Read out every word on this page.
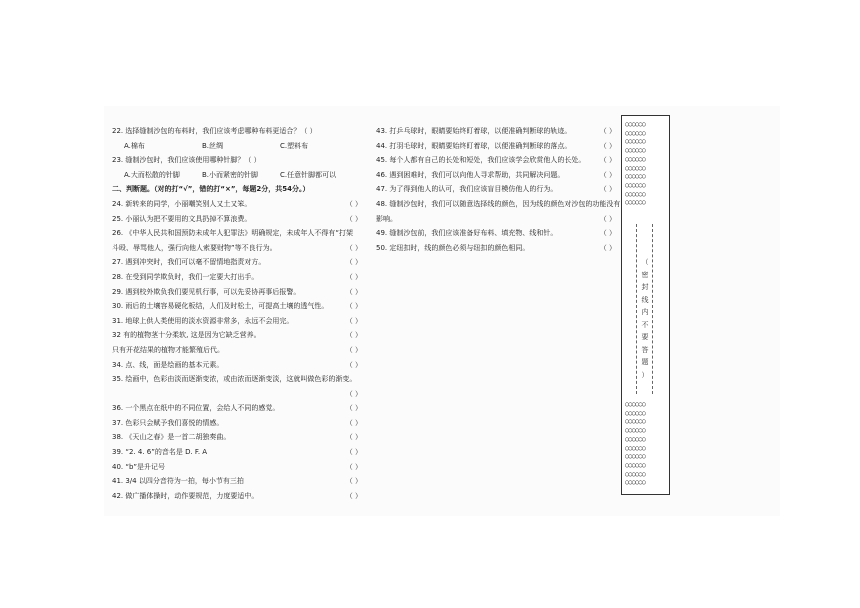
22. 选择缝制沙包的布料时，我们应该考虑哪种布料更适合？（ ）
A.棉布	B.丝绸	C.塑料布
23. 缝制沙包时，我们应该使用哪种针脚？（ ）
A.大而松散的针脚	B.小而紧密的针脚	C.任意针脚都可以
二、判断题。（对的打“√”，错的打“×”，每题2分，共54分。）
24. 新转来的同学，小丽嘲笑别人又土又笨。	（ ）
25. 小丽认为把不要用的文具扔掉不算浪费。	（ ）
26. 《中华人民共和国预防未成年人犯罪法》明确规定，未成年人不得有“打架
斗殴、辱骂他人，强行向他人索要财物”等不良行为。	（ ）
27. 遇到冲突时，我们可以毫不留情地指责对方。	（ ）
28. 在受到同学欺负时，我们一定要大打出手。	（ ）
29. 遇到校外欺负我们要见机行事，可以先妥协再事后报警。	（ ）
30. 雨后的土壤容易硬化板结，人们及时松土，可提高土壤的透气性。 （ ）
31. 地球上供人类使用的淡水资源非常多，永远不会用完。	（ ）
32 有的植物茎十分柔软, 这是因为它缺乏营养。	（ ）
只有开花结果的植物才能繁殖后代。	（ ）
34. 点、线，面是绘画的基本元素。	（ ）
35. 绘画中，色彩由淡而逐渐变浓，或由浓而逐渐变淡，这就叫做色彩的渐变。
（ ）
36. 一个黑点在纸中的不同位置，会给人不同的感觉。	（ ）
37. 色彩只会赋予我们喜悦的情感。	（ ）
38. 《天山之春》是一首二胡独奏曲。	（ ）
39. “2. 4. 6”的音名是 D. F. A	（ ）
40. “b”是升记号	（ ）
41. 3/4 以四分音符为一拍，每小节有三拍	（ ）
42. 做广播体操时，动作要规范，力度要适中。	（ ）
43. 打乒乓球时，眼睛要始终盯着球，以便准确判断球的轨迹。	（ ）
44. 打羽毛球时，眼睛要始终盯着球，以便准确判断球的落点。	（ ）
45. 每个人都有自己的长处和短处，我们应该学会欣赏他人的长处。 （ ）
46. 遇到困难时，我们可以向他人寻求帮助，共同解决问题。	（ ）
47. 为了得到他人的认可，我们应该盲目模仿他人的行为。	（ ）
48. 缝制沙包时，我们可以随意选择线的颜色，因为线的颜色对沙包的功能没有
影响。	（ ）
49. 缝制沙包前，我们应该准备好布料、填充物、线和针。	（ ）
50. 定纽扣时，线的颜色必须与纽扣的颜色相同。	（ ）
○○○○○○
○○○○○○
○○○○○○
○○○○○○
○○○○○○
○○○○○○
○○○○○○
○○○○○○
○○○○○○
○○○○○○
（
密
封
线
内
不
要
答
题
）
○○○○○○
○○○○○○
○○○○○○
○○○○○○
○○○○○○
○○○○○○
○○○○○○
○○○○○○
○○○○○○
○○○○○○
